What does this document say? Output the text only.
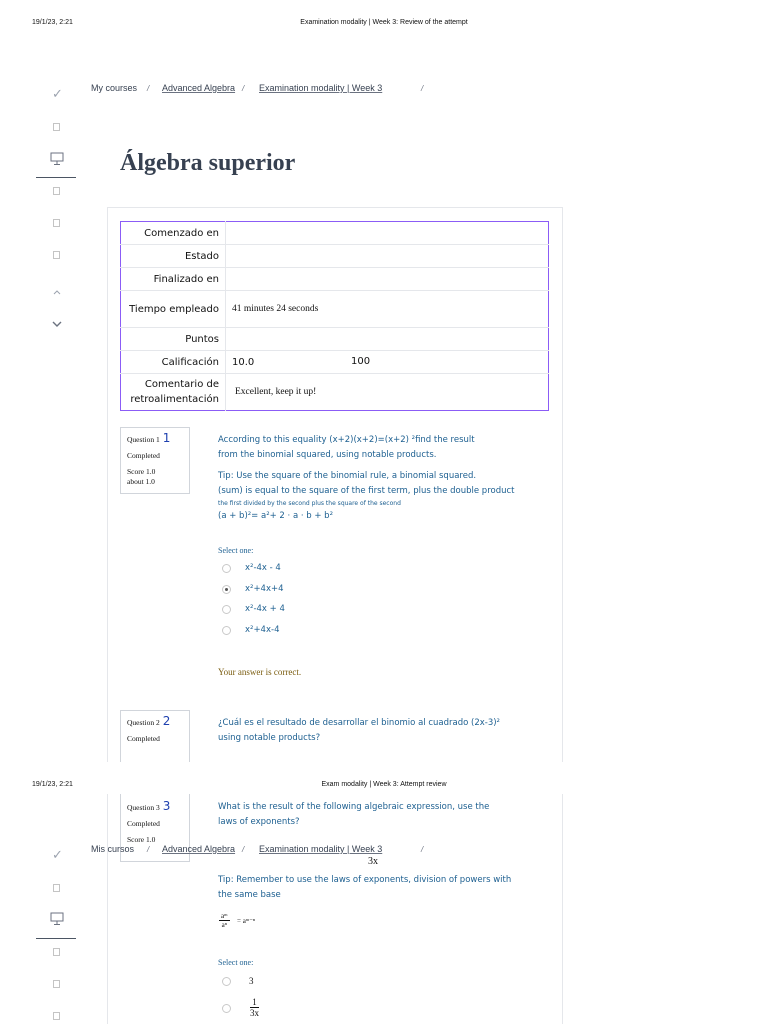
19/1/23, 2:21	Examination modality | Week 3: Review of the attempt
✓	My courses / Advanced Algebra / Examination modality | Week 3	/
Álgebra superior
Comenzado en	
Estado	
Finalizado en	
Tiempo empleado	41 minutes 24 seconds
Puntos	
Calificación	10.0 100

Comentario de retroalimentación	Excellent, keep it up!
Question 1 1
Completed
Score 1.0
about 1.0
According to this equality (x+2)(x+2)=(x+2) ²find the result
from the binomial squared, using notable products.
Tip: Use the square of the binomial rule, a binomial squared.
(sum) is equal to the square of the first term, plus the double product
the first divided by the second plus the square of the second
(a + b)²= a²+ 2 · a · b + b²
Select one:
x²-4x - 4
x²+4x+4
x²-4x + 4
x²+4x-4
Your answer is correct.
Question 2 2
Completed
¿Cuál es el resultado de desarrollar el binomio al cuadrado (2x-3)²
using notable products?
19/1/23, 2:21	Exam modality | Week 3: Attempt review
Question 3 3
Completed
Score 1.0
What is the result of the following algebraic expression, use the
laws of exponents?
Mis cursos / Advanced Algebra / Examination modality | Week 3	/
3x
✓
Tip: Remember to use the laws of exponents, division of powers with
the same base
$\frac{\text{aᵐ}}{\text{aⁿ}}$ = aᵐ⁻ⁿ
Select one:
3
$\frac{1}{3x}$
